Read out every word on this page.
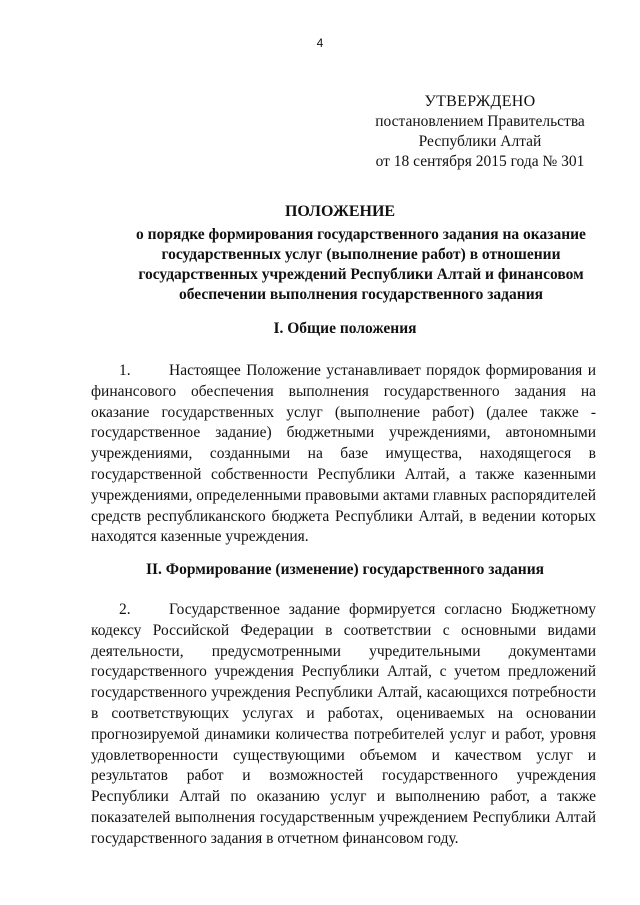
4
УТВЕРЖДЕНО
постановлением Правительства
Республики Алтай
от 18 сентября 2015 года № 301
ПОЛОЖЕНИЕ
о порядке формирования государственного задания на оказание государственных услуг (выполнение работ) в отношении государственных учреждений Республики Алтай и финансовом обеспечении выполнения государственного задания
I. Общие положения
1. Настоящее Положение устанавливает порядок формирования и финансового обеспечения выполнения государственного задания на оказание государственных услуг (выполнение работ) (далее также - государственное задание) бюджетными учреждениями, автономными учреждениями, созданными на базе имущества, находящегося в государственной собственности Республики Алтай, а также казенными учреждениями, определенными правовыми актами главных распорядителей средств республиканского бюджета Республики Алтай, в ведении которых находятся казенные учреждения.
II. Формирование (изменение) государственного задания
2. Государственное задание формируется согласно Бюджетному кодексу Российской Федерации в соответствии с основными видами деятельности, предусмотренными учредительными документами государственного учреждения Республики Алтай, с учетом предложений государственного учреждения Республики Алтай, касающихся потребности в соответствующих услугах и работах, оцениваемых на основании прогнозируемой динамики количества потребителей услуг и работ, уровня удовлетворенности существующими объемом и качеством услуг и результатов работ и возможностей государственного учреждения Республики Алтай по оказанию услуг и выполнению работ, а также показателей выполнения государственным учреждением Республики Алтай государственного задания в отчетном финансовом году.
